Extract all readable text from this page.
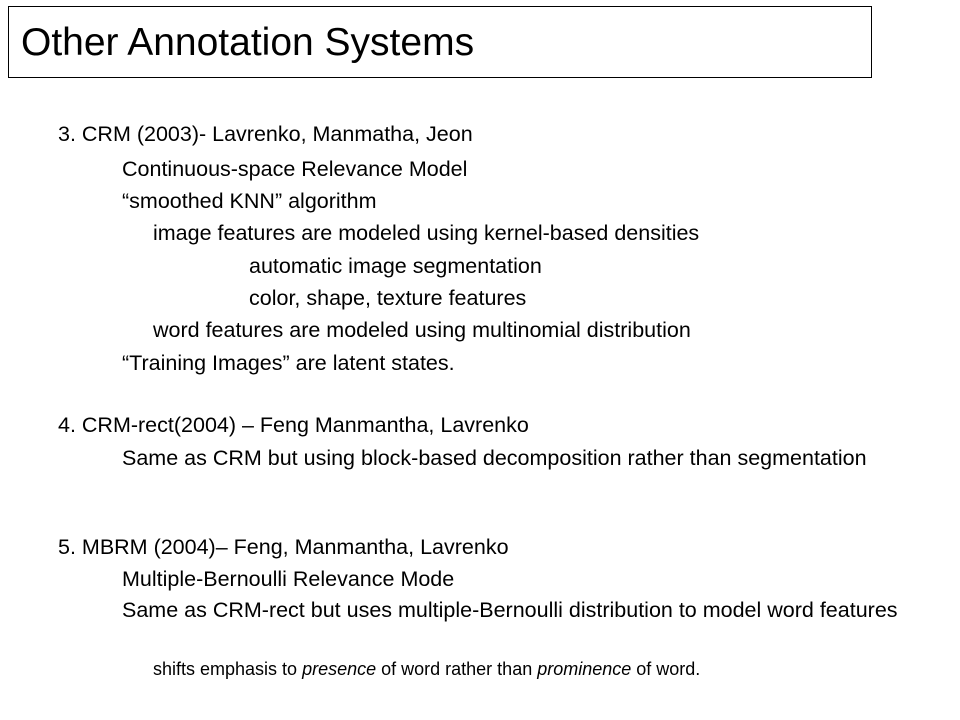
Other Annotation Systems
3. CRM (2003)- Lavrenko, Manmatha, Jeon
Continuous-space Relevance Model
“smoothed KNN” algorithm
image features are modeled using kernel-based densities
automatic image segmentation
color, shape, texture features
word features are modeled using multinomial distribution
“Training Images” are latent states.
4. CRM-rect(2004) – Feng Manmantha, Lavrenko
Same as CRM but using block-based decomposition rather than segmentation
5. MBRM (2004)– Feng, Manmantha, Lavrenko
Multiple-Bernoulli Relevance Mode
Same as CRM-rect but uses multiple-Bernoulli distribution to model word features
shifts emphasis to presence of word rather than prominence of word.
